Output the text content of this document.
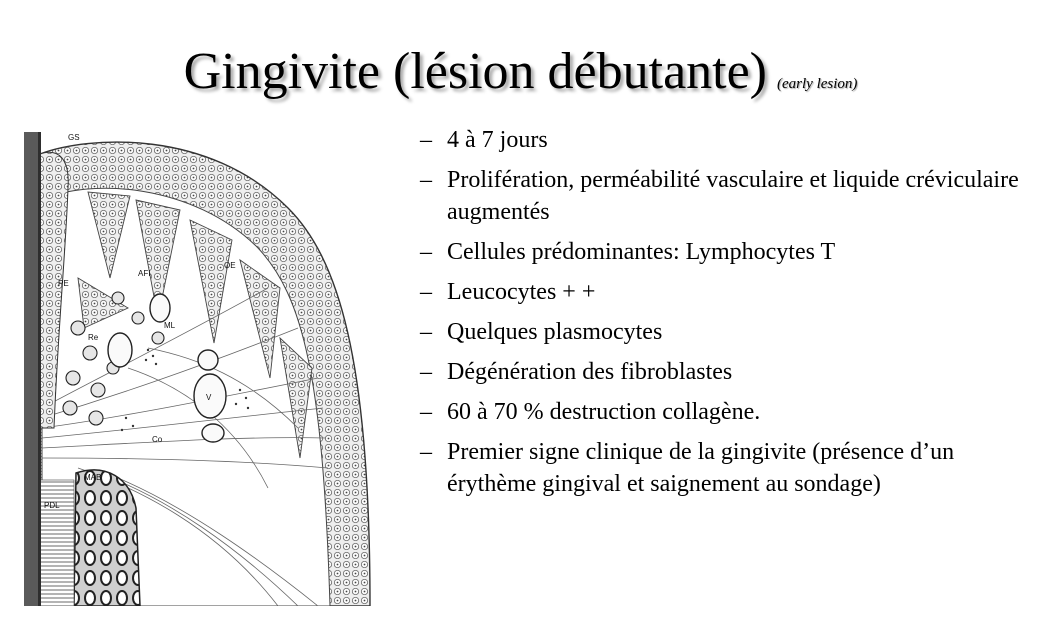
Gingivite (lésion débutante) (early lesion)
GS
PE
AFI
OE
ML
Re
V
Co
MAB
PDL
– 4 à 7 jours
– Prolifération, perméabilité vasculaire et liquide créviculaire augmentés
– Cellules prédominantes: Lymphocytes T
– Leucocytes + +
– Quelques plasmocytes
– Dégénération des fibroblastes
– 60 à 70 % destruction collagène.
– Premier signe clinique de la gingivite (présence d’un érythème gingival et saignement au sondage)
